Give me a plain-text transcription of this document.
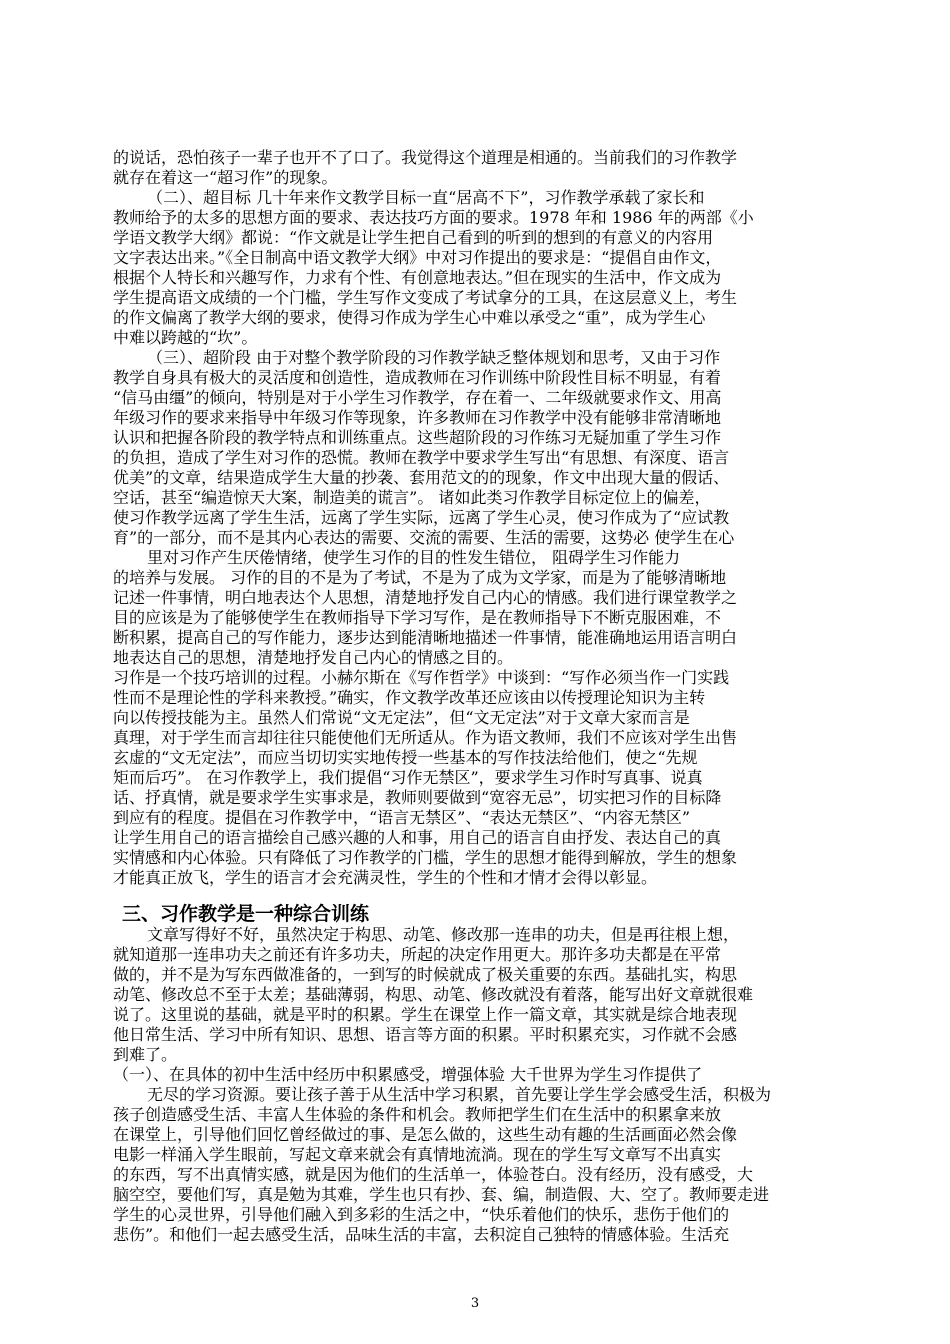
的说话，恐怕孩子一辈子也开不了口了。我觉得这个道理是相通的。当前我们的习作教学
就存在着这一“超习作”的现象。
（二）、超目标 几十年来作文教学目标一直“居高不下”，习作教学承载了家长和
教师给予的太多的思想方面的要求、表达技巧方面的要求。1978 年和 1986 年的两部《小
学语文教学大纲》都说：“作文就是让学生把自己看到的听到的想到的有意义的内容用
文字表达出来。”《全日制高中语文教学大纲》中对习作提出的要求是：“提倡自由作文，
根据个人特长和兴趣写作，力求有个性、有创意地表达。”但在现实的生活中，作文成为
学生提高语文成绩的一个门槛，学生写作文变成了考试拿分的工具，在这层意义上，考生
的作文偏离了教学大纲的要求，使得习作成为学生心中难以承受之“重”，成为学生心
中难以跨越的“坎”。
（三）、超阶段 由于对整个教学阶段的习作教学缺乏整体规划和思考，又由于习作
教学自身具有极大的灵活度和创造性，造成教师在习作训练中阶段性目标不明显，有着
“信马由缰”的倾向，特别是对于小学生习作教学，存在着一、二年级就要求作文、用高
年级习作的要求来指导中年级习作等现象，许多教师在习作教学中没有能够非常清晰地
认识和把握各阶段的教学特点和训练重点。这些超阶段的习作练习无疑加重了学生习作
的负担，造成了学生对习作的恐慌。教师在教学中要求学生写出“有思想、有深度、语言
优美”的文章，结果造成学生大量的抄袭、套用范文的的现象，作文中出现大量的假话、
空话，甚至“编造惊天大案，制造美的谎言”。 诸如此类习作教学目标定位上的偏差，
使习作教学远离了学生生活，远离了学生实际，远离了学生心灵，使习作成为了“应试教
育”的一部分，而不是其内心表达的需要、交流的需要、生活的需要，这势必 使学生在心
里对习作产生厌倦情绪，使学生习作的目的性发生错位， 阻碍学生习作能力
的培养与发展。 习作的目的不是为了考试，不是为了成为文学家，而是为了能够清晰地
记述一件事情，明白地表达个人思想，清楚地抒发自己内心的情感。我们进行课堂教学之
目的应该是为了能够使学生在教师指导下学习写作，是在教师指导下不断克服困难，不
断积累，提高自己的写作能力，逐步达到能清晰地描述一件事情，能准确地运用语言明白
地表达自己的思想，清楚地抒发自己内心的情感之目的。
习作是一个技巧培训的过程。小赫尔斯在《写作哲学》中谈到：“写作必须当作一门实践
性而不是理论性的学科来教授。”确实，作文教学改革还应该由以传授理论知识为主转
向以传授技能为主。虽然人们常说“文无定法”，但“文无定法”对于文章大家而言是
真理，对于学生而言却往往只能使他们无所适从。作为语文教师，我们不应该对学生出售
玄虚的“文无定法”，而应当切切实实地传授一些基本的写作技法给他们，使之“先规
矩而后巧”。 在习作教学上，我们提倡“习作无禁区”，要求学生习作时写真事、说真
话、抒真情，就是要求学生实事求是，教师则要做到“宽容无忌”，切实把习作的目标降
到应有的程度。提倡在习作教学中，“语言无禁区”、“表达无禁区”、“内容无禁区”
让学生用自己的语言描绘自己感兴趣的人和事，用自己的语言自由抒发、表达自己的真
实情感和内心体验。只有降低了习作教学的门槛，学生的思想才能得到解放，学生的想象
才能真正放飞，学生的语言才会充满灵性，学生的个性和才情才会得以彰显。
三、习作教学是一种综合训练
文章写得好不好，虽然决定于构思、动笔、修改那一连串的功夫，但是再往根上想，
就知道那一连串功夫之前还有许多功夫，所起的决定作用更大。那许多功夫都是在平常
做的，并不是为写东西做准备的，一到写的时候就成了极关重要的东西。基础扎实，构思
动笔、修改总不至于太差；基础薄弱，构思、动笔、修改就没有着落，能写出好文章就很难
说了。这里说的基础，就是平时的积累。学生在课堂上作一篇文章，其实就是综合地表现
他日常生活、学习中所有知识、思想、语言等方面的积累。平时积累充实，习作就不会感
到难了。
（一）、在具体的初中生活中经历中积累感受，增强体验 大千世界为学生习作提供了
无尽的学习资源。要让孩子善于从生活中学习积累，首先要让学生学会感受生活，积极为
孩子创造感受生活、丰富人生体验的条件和机会。教师把学生们在生活中的积累拿来放
在课堂上，引导他们回忆曾经做过的事、是怎么做的，这些生动有趣的生活画面必然会像
电影一样涌入学生眼前，写起文章来就会有真情地流淌。现在的学生写文章写不出真实
的东西，写不出真情实感，就是因为他们的生活单一，体验苍白。没有经历，没有感受，大
脑空空，要他们写，真是勉为其难，学生也只有抄、套、编，制造假、大、空了。教师要走进
学生的心灵世界，引导他们融入到多彩的生活之中，“快乐着他们的快乐，悲伤于他们的
悲伤”。和他们一起去感受生活，品味生活的丰富，去积淀自己独特的情感体验。生活充
3
